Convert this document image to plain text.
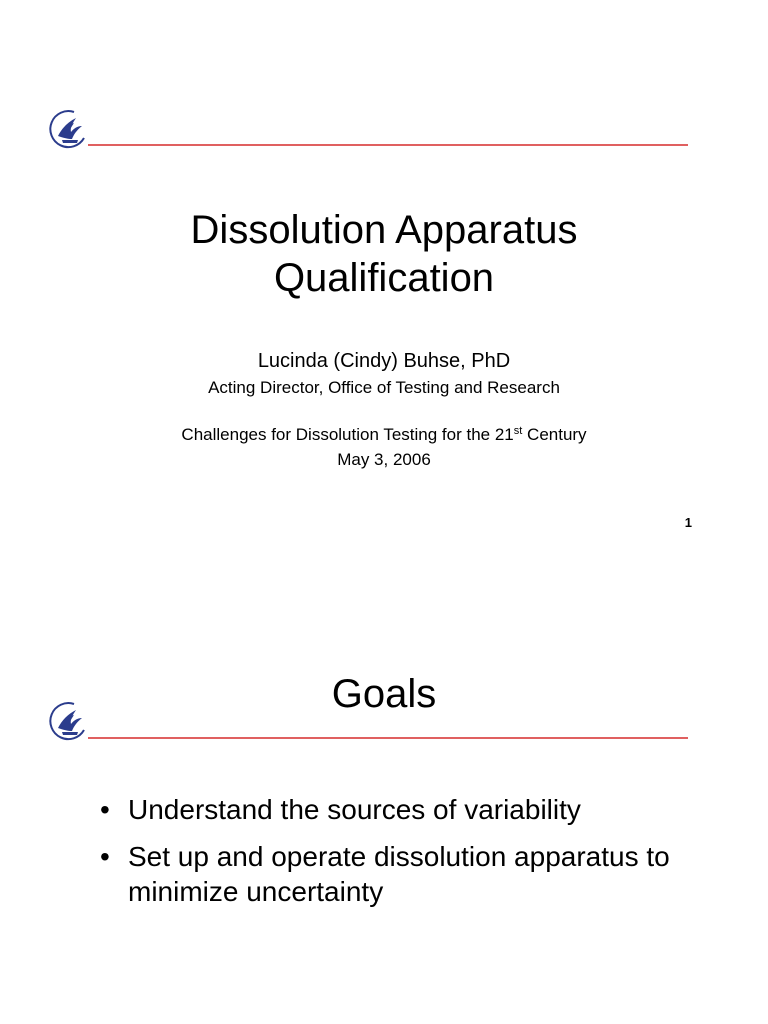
Dissolution Apparatus
Qualification
Lucinda (Cindy) Buhse, PhD
Acting Director, Office of Testing and Research
Challenges for Dissolution Testing for the 21st Century
May 3, 2006
1
Goals
• Understand the sources of variability
• Set up and operate dissolution apparatus to minimize uncertainty
